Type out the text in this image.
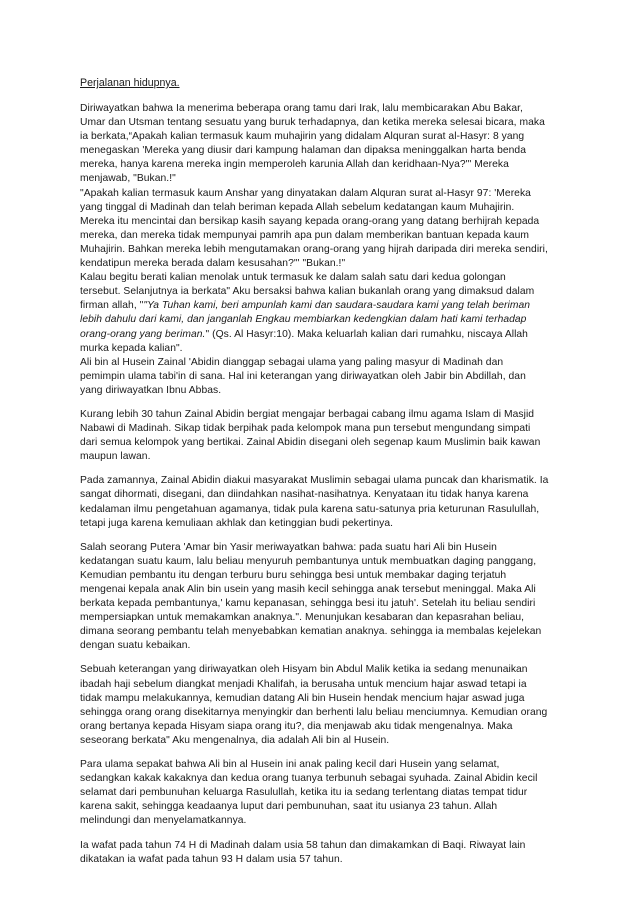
Perjalanan hidupnya.
Diriwayatkan bahwa Ia menerima beberapa orang tamu dari Irak, lalu membicarakan Abu Bakar,
Umar dan Utsman tentang sesuatu yang buruk terhadapnya, dan ketika mereka selesai bicara, maka
ia berkata,“Apakah kalian termasuk kaum muhajirin yang didalam Alquran surat al-Hasyr: 8 yang
menegaskan 'Mereka yang diusir dari kampung halaman dan dipaksa meninggalkan harta benda
mereka, hanya karena mereka ingin memperoleh karunia Allah dan keridhaan-Nya?"' Mereka
menjawab, "Bukan.!"
"Apakah kalian termasuk kaum Anshar yang dinyatakan dalam Alquran surat al-Hasyr 97: 'Mereka
yang tinggal di Madinah dan telah beriman kepada Allah sebelum kedatangan kaum Muhajirin.
Mereka itu mencintai dan bersikap kasih sayang kepada orang-orang yang datang berhijrah kepada
mereka, dan mereka tidak mempunyai pamrih apa pun dalam memberikan bantuan kepada kaum
Muhajirin. Bahkan mereka lebih mengutamakan orang-orang yang hijrah daripada diri mereka sendiri,
kendatipun mereka berada dalam kesusahan?"' "Bukan.!"
Kalau begitu berati kalian menolak untuk termasuk ke dalam salah satu dari kedua golongan
tersebut. Selanjutnya ia berkata" Aku bersaksi bahwa kalian bukanlah orang yang dimaksud dalam
firman allah, ""Ya Tuhan kami, beri ampunlah kami dan saudara-saudara kami yang telah beriman
lebih dahulu dari kami, dan janganlah Engkau membiarkan kedengkian dalam hati kami terhadap
orang-orang yang beriman." (Qs. Al Hasyr:10). Maka keluarlah kalian dari rumahku, niscaya Allah
murka kepada kalian".
Ali bin al Husein Zainal 'Abidin dianggap sebagai ulama yang paling masyur di Madinah dan
pemimpin ulama tabi'in di sana. Hal ini keterangan yang diriwayatkan oleh Jabir bin Abdillah, dan
yang diriwayatkan Ibnu Abbas.
Kurang lebih 30 tahun Zainal Abidin bergiat mengajar berbagai cabang ilmu agama Islam di Masjid
Nabawi di Madinah. Sikap tidak berpihak pada kelompok mana pun tersebut mengundang simpati
dari semua kelompok yang bertikai. Zainal Abidin disegani oleh segenap kaum Muslimin baik kawan
maupun lawan.
Pada zamannya, Zainal Abidin diakui masyarakat Muslimin sebagai ulama puncak dan kharismatik. Ia
sangat dihormati, disegani, dan diindahkan nasihat-nasihatnya. Kenyataan itu tidak hanya karena
kedalaman ilmu pengetahuan agamanya, tidak pula karena satu-satunya pria keturunan Rasulullah,
tetapi juga karena kemuliaan akhlak dan ketinggian budi pekertinya.
Salah seorang Putera 'Amar bin Yasir meriwayatkan bahwa: pada suatu hari Ali bin Husein
kedatangan suatu kaum, lalu beliau menyuruh pembantunya untuk membuatkan daging panggang,
Kemudian pembantu itu dengan terburu buru sehingga besi untuk membakar daging terjatuh
mengenai kepala anak Alin bin usein yang masih kecil sehingga anak tersebut meninggal. Maka Ali
berkata kepada pembantunya,' kamu kepanasan, sehingga besi itu jatuh'. Setelah itu beliau sendiri
mempersiapkan untuk memakamkan anaknya.". Menunjukan kesabaran dan kepasrahan beliau,
dimana seorang pembantu telah menyebabkan kematian anaknya. sehingga ia membalas kejelekan
dengan suatu kebaikan.
Sebuah keterangan yang diriwayatkan oleh Hisyam bin Abdul Malik ketika ia sedang menunaikan
ibadah haji sebelum diangkat menjadi Khalifah, ia berusaha untuk mencium hajar aswad tetapi ia
tidak mampu melakukannya, kemudian datang Ali bin Husein hendak mencium hajar aswad juga
sehingga orang orang disekitarnya menyingkir dan berhenti lalu beliau menciumnya. Kemudian orang
orang bertanya kepada Hisyam siapa orang itu?, dia menjawab aku tidak mengenalnya. Maka
seseorang berkata" Aku mengenalnya, dia adalah Ali bin al Husein.
Para ulama sepakat bahwa Ali bin al Husein ini anak paling kecil dari Husein yang selamat,
sedangkan kakak kakaknya dan kedua orang tuanya terbunuh sebagai syuhada. Zainal Abidin kecil
selamat dari pembunuhan keluarga Rasulullah, ketika itu ia sedang terlentang diatas tempat tidur
karena sakit, sehingga keadaanya luput dari pembunuhan, saat itu usianya 23 tahun. Allah
melindungi dan menyelamatkannya.
Ia wafat pada tahun 74 H di Madinah dalam usia 58 tahun dan dimakamkan di Baqi. Riwayat lain
dikatakan ia wafat pada tahun 93 H dalam usia 57 tahun.
